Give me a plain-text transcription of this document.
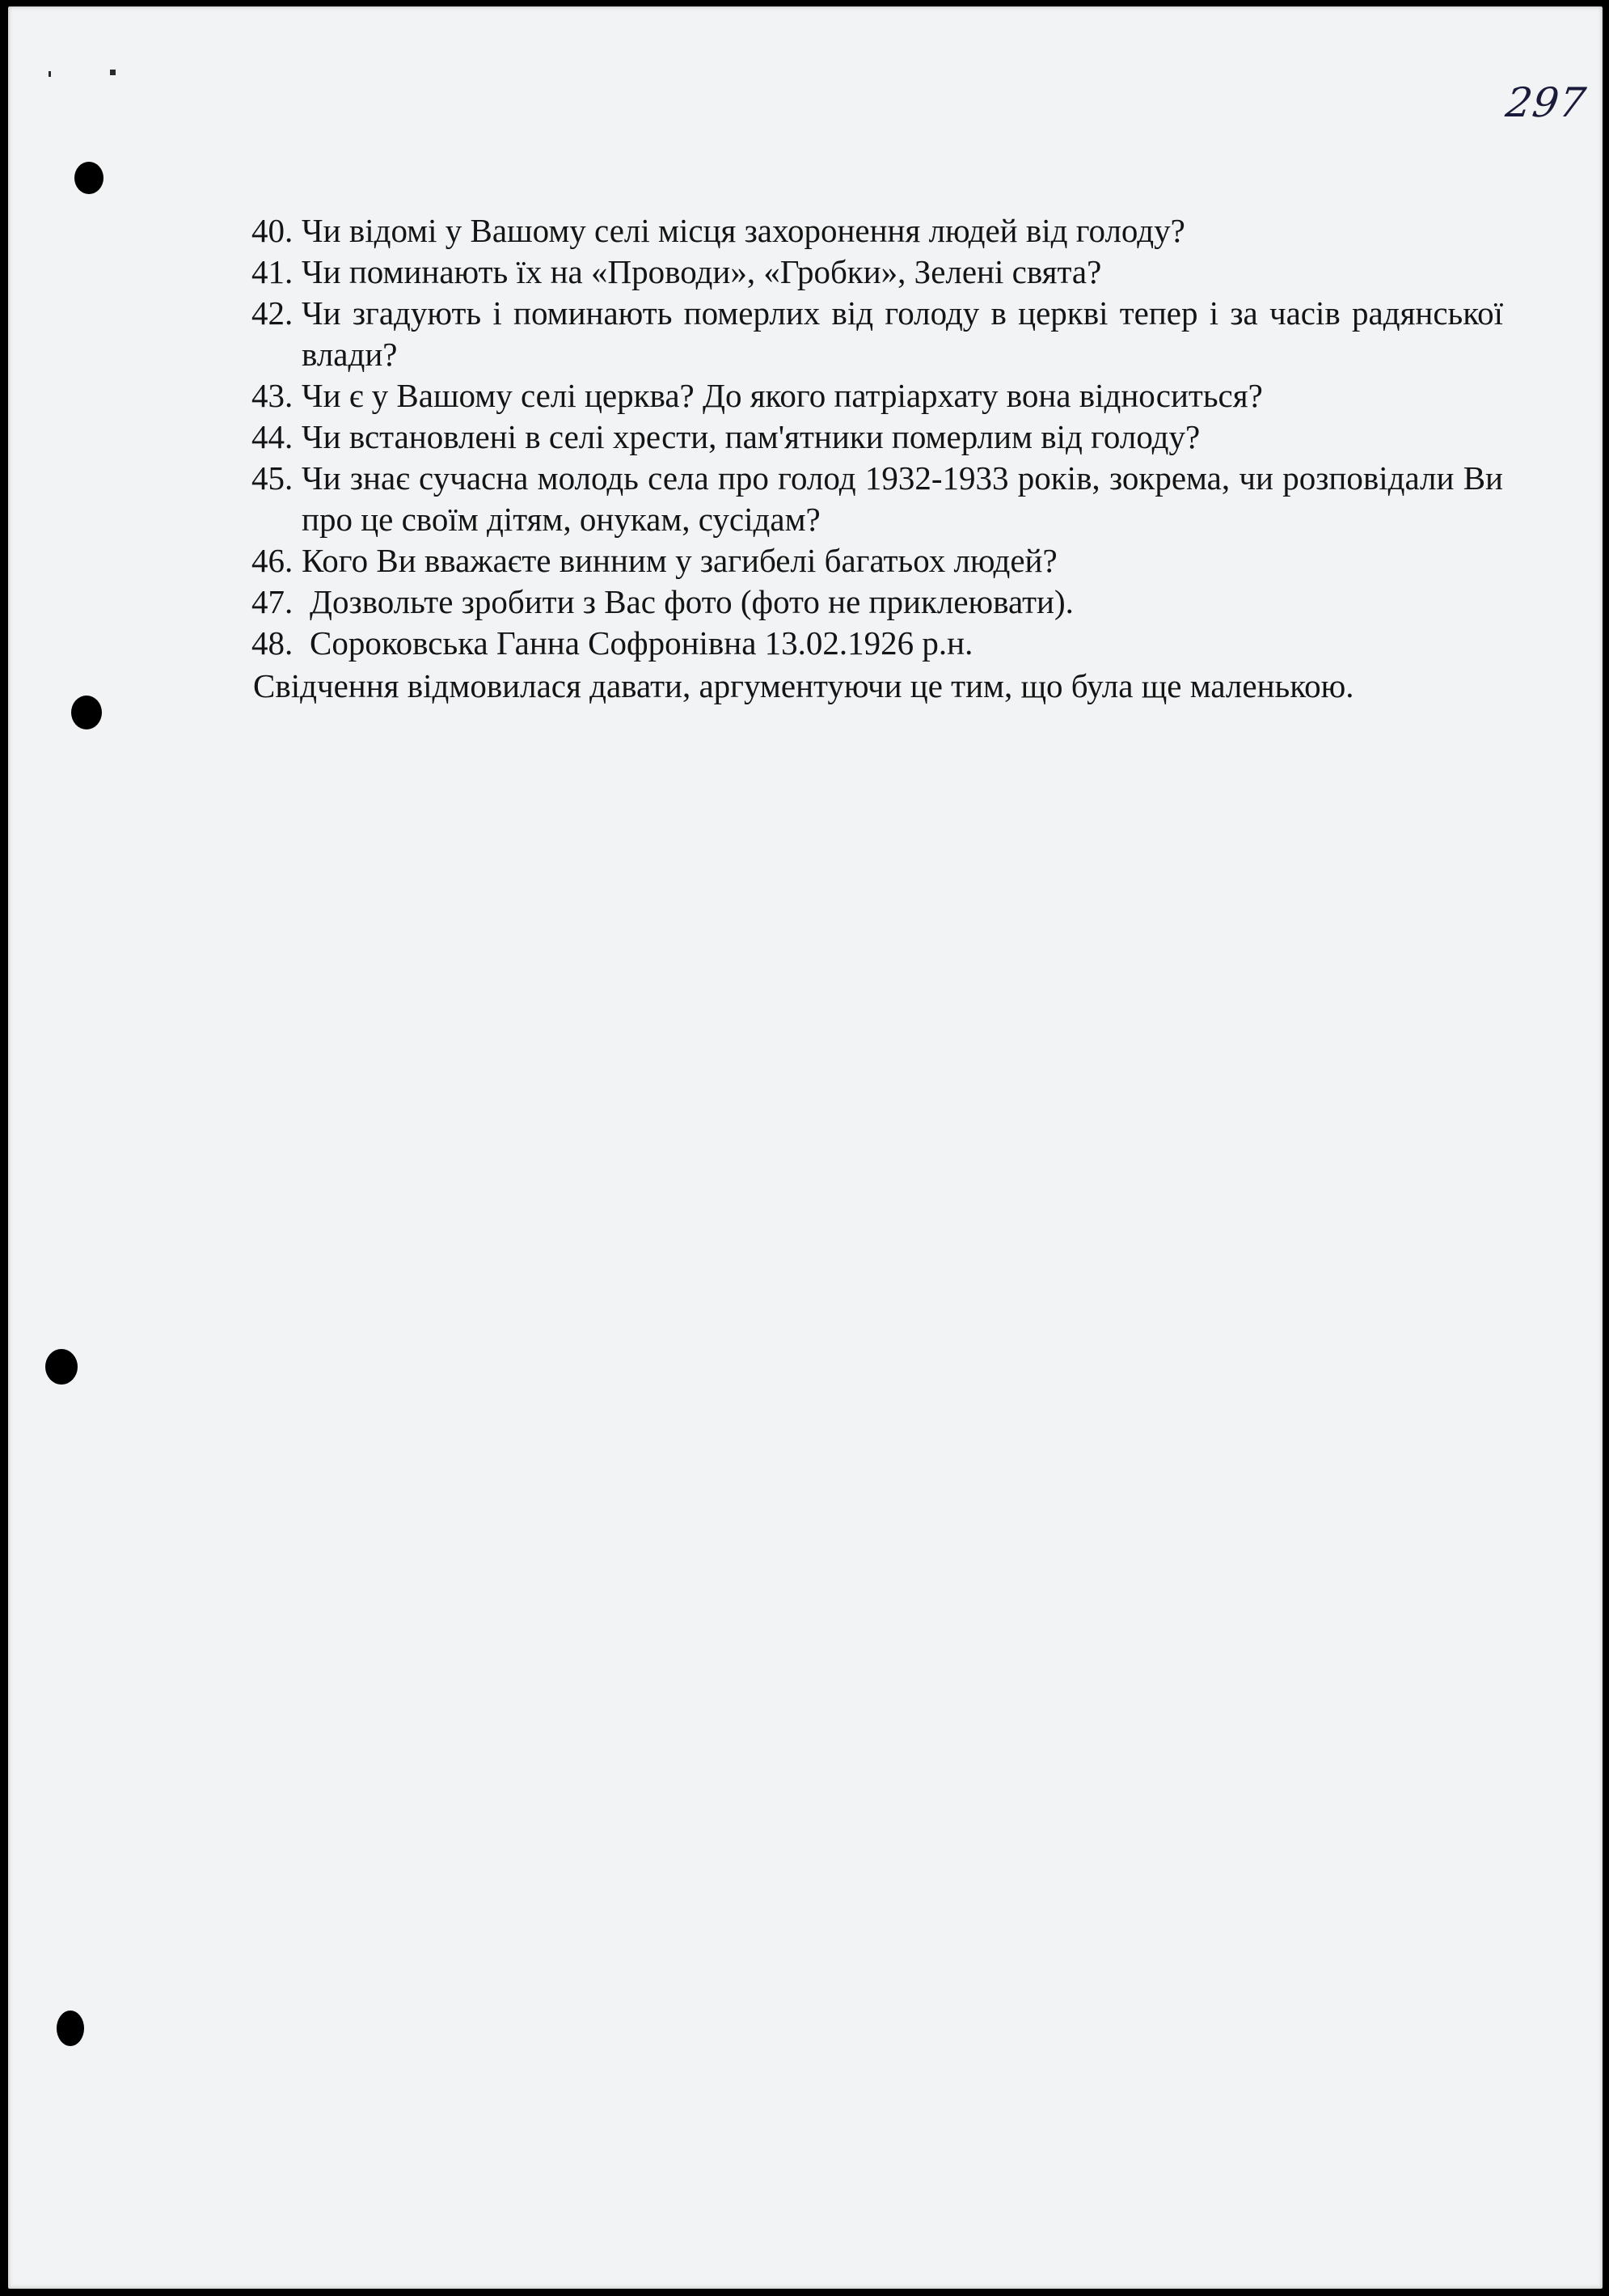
297

40. Чи відомі у Вашому селі місця захоронення людей від голоду?

41. Чи поминають їх на «Проводи», «Гробки», Зелені свята?

42. Чи згадують і поминають померлих від голоду в церкві тепер і за часів радянської влади?

43. Чи є у Вашому селі церква? До якого патріархату вона відноситься?

44. Чи встановлені в селі хрести, пам'ятники померлим від голоду?

45. Чи знає сучасна молодь села про голод 1932-1933 років, зокрема, чи розповідали Ви про це своїм дітям, онукам, сусідам?

46. Кого Ви вважаєте винним у загибелі багатьох людей?

47. Дозвольте зробити з Вас фото (фото не приклеювати).

48. Сороковська Ганна Софронівна 13.02.1926 р.н.

Свідчення відмовилася давати, аргументуючи це тим, що була ще маленькою.
